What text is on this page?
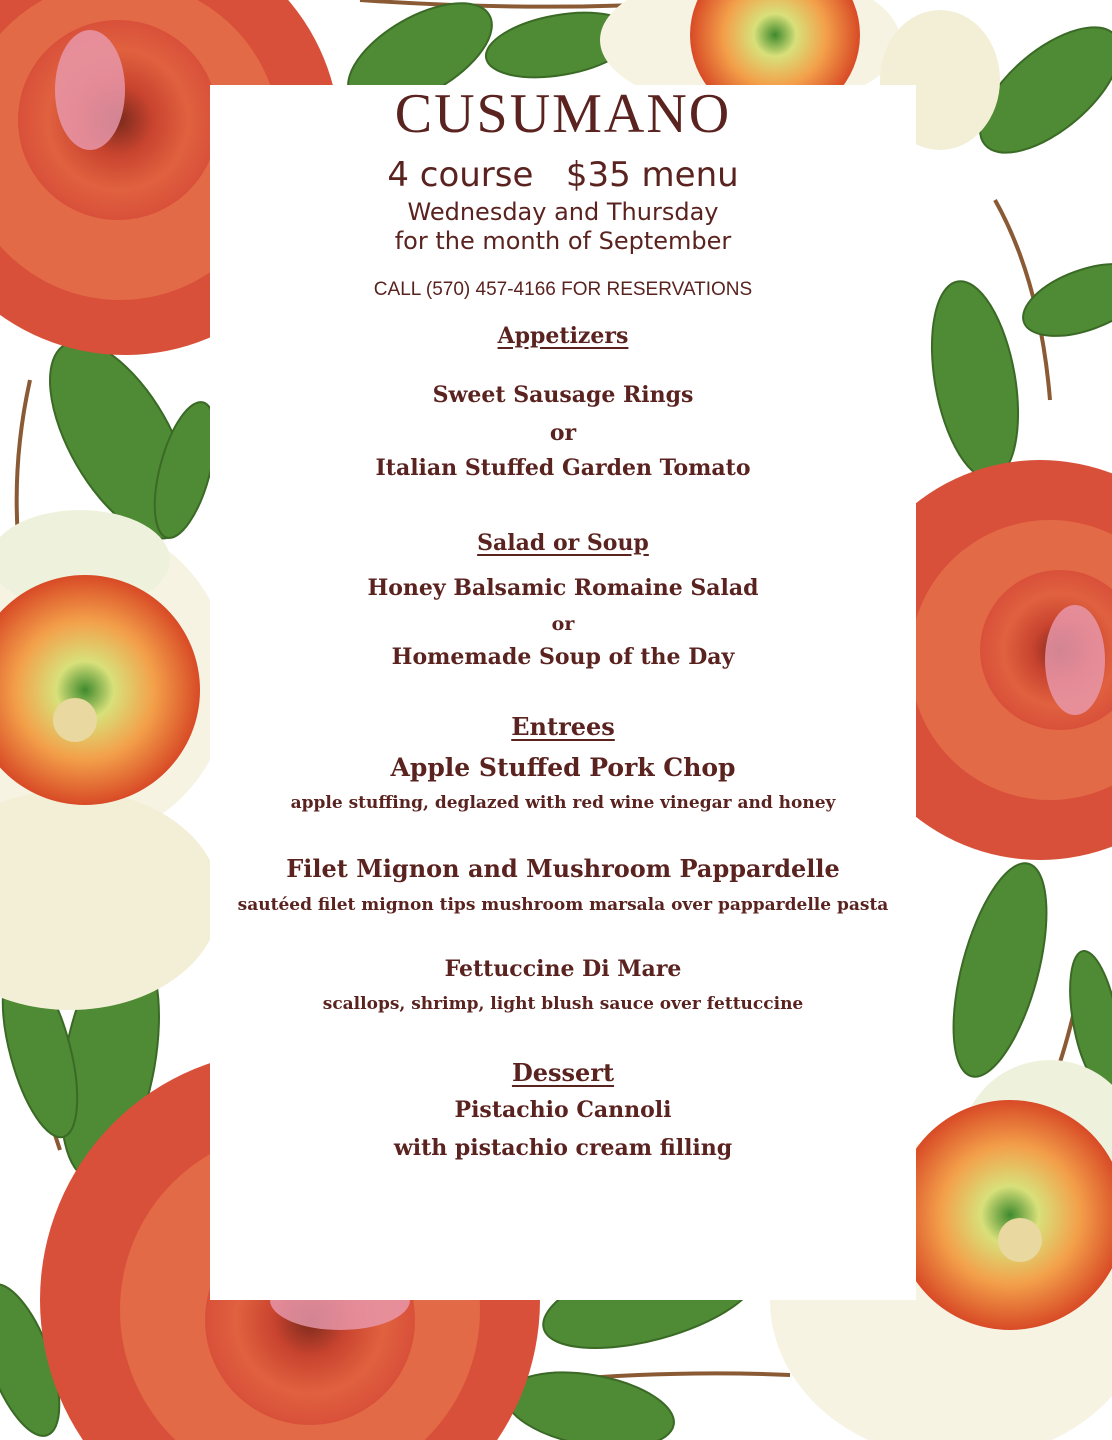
CUSUMANO
4 course   $35 menu
Wednesday and Thursday
for the month of September
CALL (570) 457-4166 FOR RESERVATIONS
Appetizers
Sweet Sausage Rings
or
Italian Stuffed Garden Tomato
Salad or Soup
Honey Balsamic Romaine Salad
or
Homemade Soup of the Day
Entrees
Apple Stuffed Pork Chop
apple stuffing, deglazed with red wine vinegar and honey
Filet Mignon and Mushroom Pappardelle
sautéed filet mignon tips mushroom marsala over pappardelle pasta
Fettuccine Di Mare
scallops, shrimp, light blush sauce over fettuccine
Dessert
Pistachio Cannoli
with pistachio cream filling
